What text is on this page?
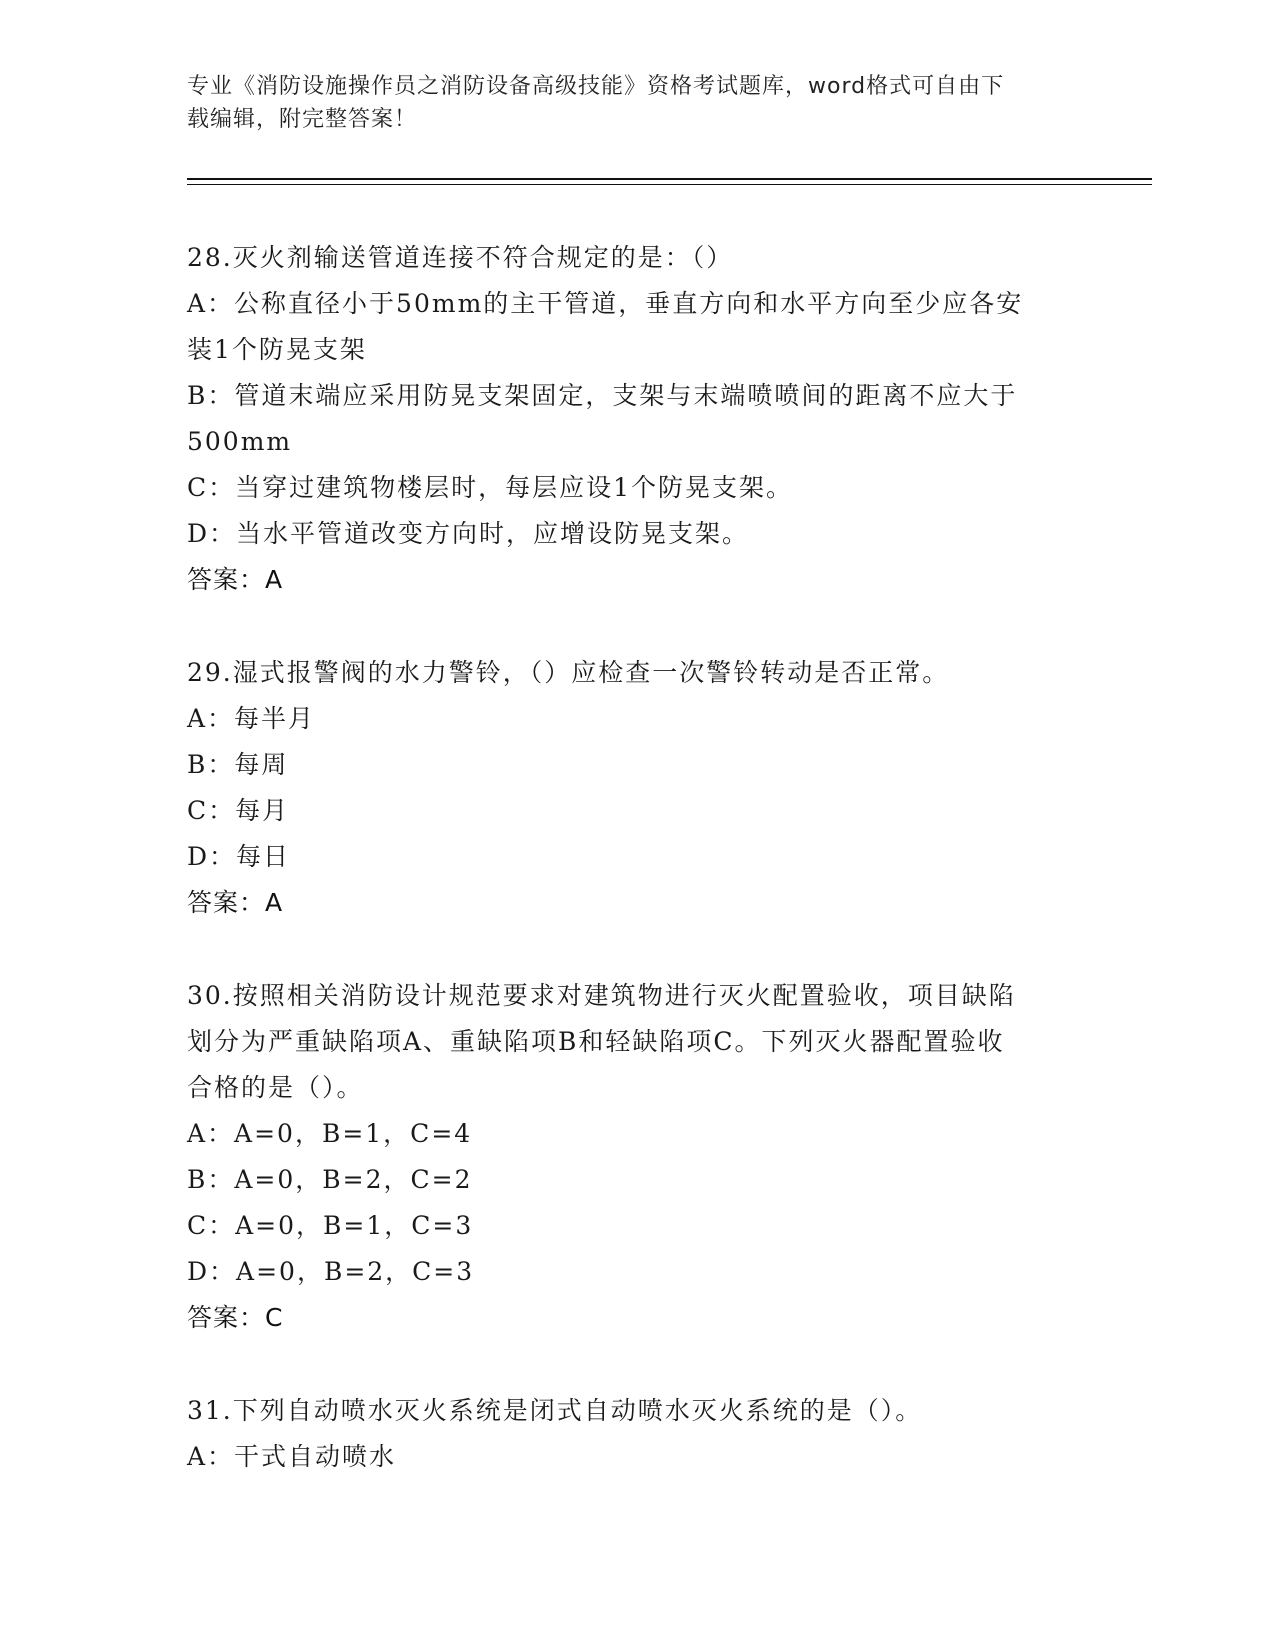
专业《消防设施操作员之消防设备高级技能》资格考试题库，word格式可自由下
载编辑，附完整答案！
28.灭火剂输送管道连接不符合规定的是：（）
A：公称直径小于50mm的主干管道，垂直方向和水平方向至少应各安
装1个防晃支架
B：管道末端应采用防晃支架固定，支架与末端喷喷间的距离不应大于
500mm
C：当穿过建筑物楼层时，每层应设1个防晃支架。
D：当水平管道改变方向时，应增设防晃支架。
答案：A
29.湿式报警阀的水力警铃，（）应检查一次警铃转动是否正常。
A：每半月
B：每周
C：每月
D：每日
答案：A
30.按照相关消防设计规范要求对建筑物进行灭火配置验收，项目缺陷
划分为严重缺陷项A、重缺陷项B和轻缺陷项C。下列灭火器配置验收
合格的是（）。
A：A=0，B=1，C=4
B：A=0，B=2，C=2
C：A=0，B=1，C=3
D：A=0，B=2，C=3
答案：C
31.下列自动喷水灭火系统是闭式自动喷水灭火系统的是（）。
A：干式自动喷水
